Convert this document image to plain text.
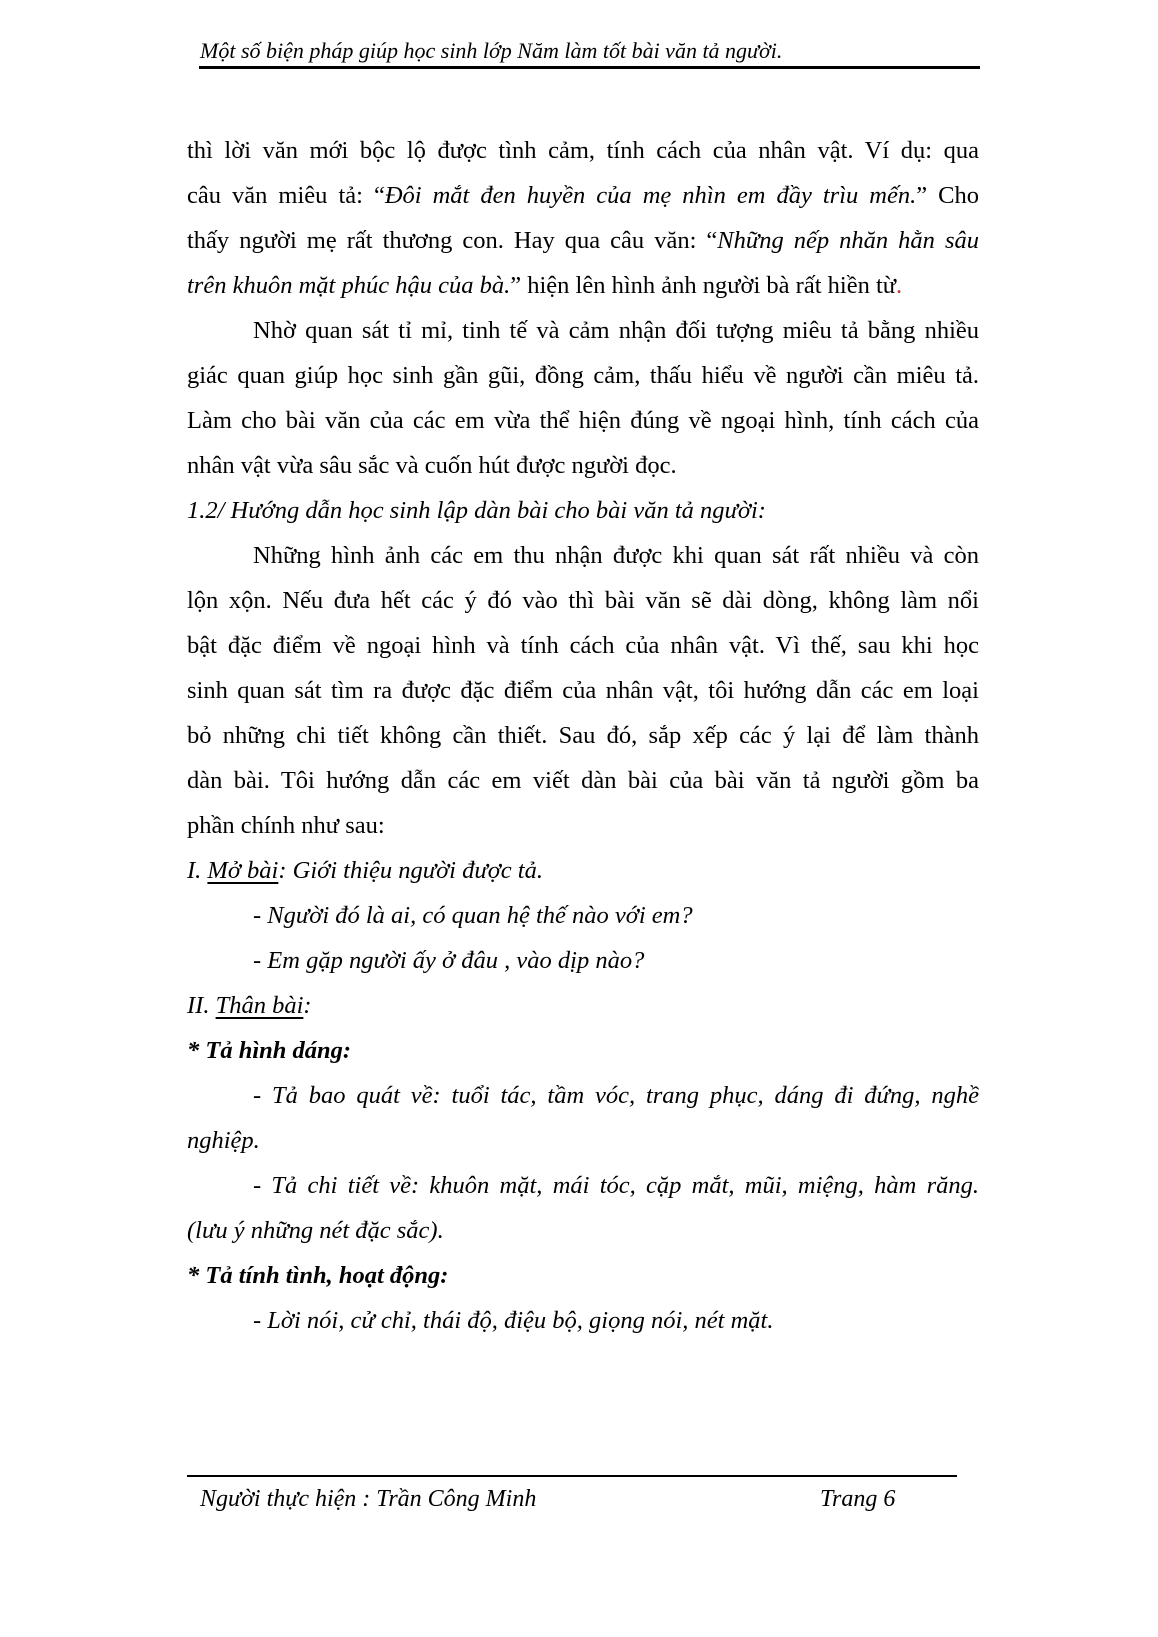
Một số biện pháp giúp học sinh lớp Năm làm tốt bài văn tả người.

thì lời văn mới bộc lộ được tình cảm, tính cách của nhân vật. Ví dụ: qua

câu văn miêu tả: “Đôi mắt đen huyền của mẹ nhìn em đầy trìu mến.” Cho

thấy người mẹ rất thương con. Hay qua câu văn: “Những nếp nhăn hằn sâu

trên khuôn mặt phúc hậu của bà.” hiện lên hình ảnh người bà rất hiền từ.

Nhờ quan sát tỉ mỉ, tinh tế và cảm nhận đối tượng miêu tả bằng nhiều

giác quan giúp học sinh gần gũi, đồng cảm, thấu hiểu về người cần miêu tả.

Làm cho bài văn của các em vừa thể hiện đúng về ngoại hình, tính cách của

nhân vật vừa sâu sắc và cuốn hút được người đọc.

1.2/ Hướng dẫn học sinh lập dàn bài cho bài văn tả người:

Những hình ảnh các em thu nhận được khi quan sát rất nhiều và còn

lộn xộn. Nếu đưa hết các ý đó vào thì bài văn sẽ dài dòng, không làm nổi

bật đặc điểm về ngoại hình và tính cách của nhân vật. Vì thế, sau khi học

sinh quan sát tìm ra được đặc điểm của nhân vật, tôi hướng dẫn các em loại

bỏ những chi tiết không cần thiết. Sau đó, sắp xếp các ý lại để làm thành

dàn bài. Tôi hướng dẫn các em viết dàn bài của bài văn tả người gồm ba

phần chính như sau:

I. Mở bài: Giới thiệu người được tả.

- Người đó là ai, có quan hệ thế nào với em?

- Em gặp người ấy ở đâu , vào dịp nào?

II. Thân bài:

* Tả hình dáng:

- Tả bao quát về: tuổi tác, tầm vóc, trang phục, dáng đi đứng, nghề

nghiệp.

- Tả chi tiết về: khuôn mặt, mái tóc, cặp mắt, mũi, miệng, hàm răng.

(lưu ý những nét đặc sắc).

* Tả tính tình, hoạt động:

- Lời nói, cử chỉ, thái độ, điệu bộ, giọng nói, nét mặt.

Người thực hiện : Trần Công Minh	Trang 6
